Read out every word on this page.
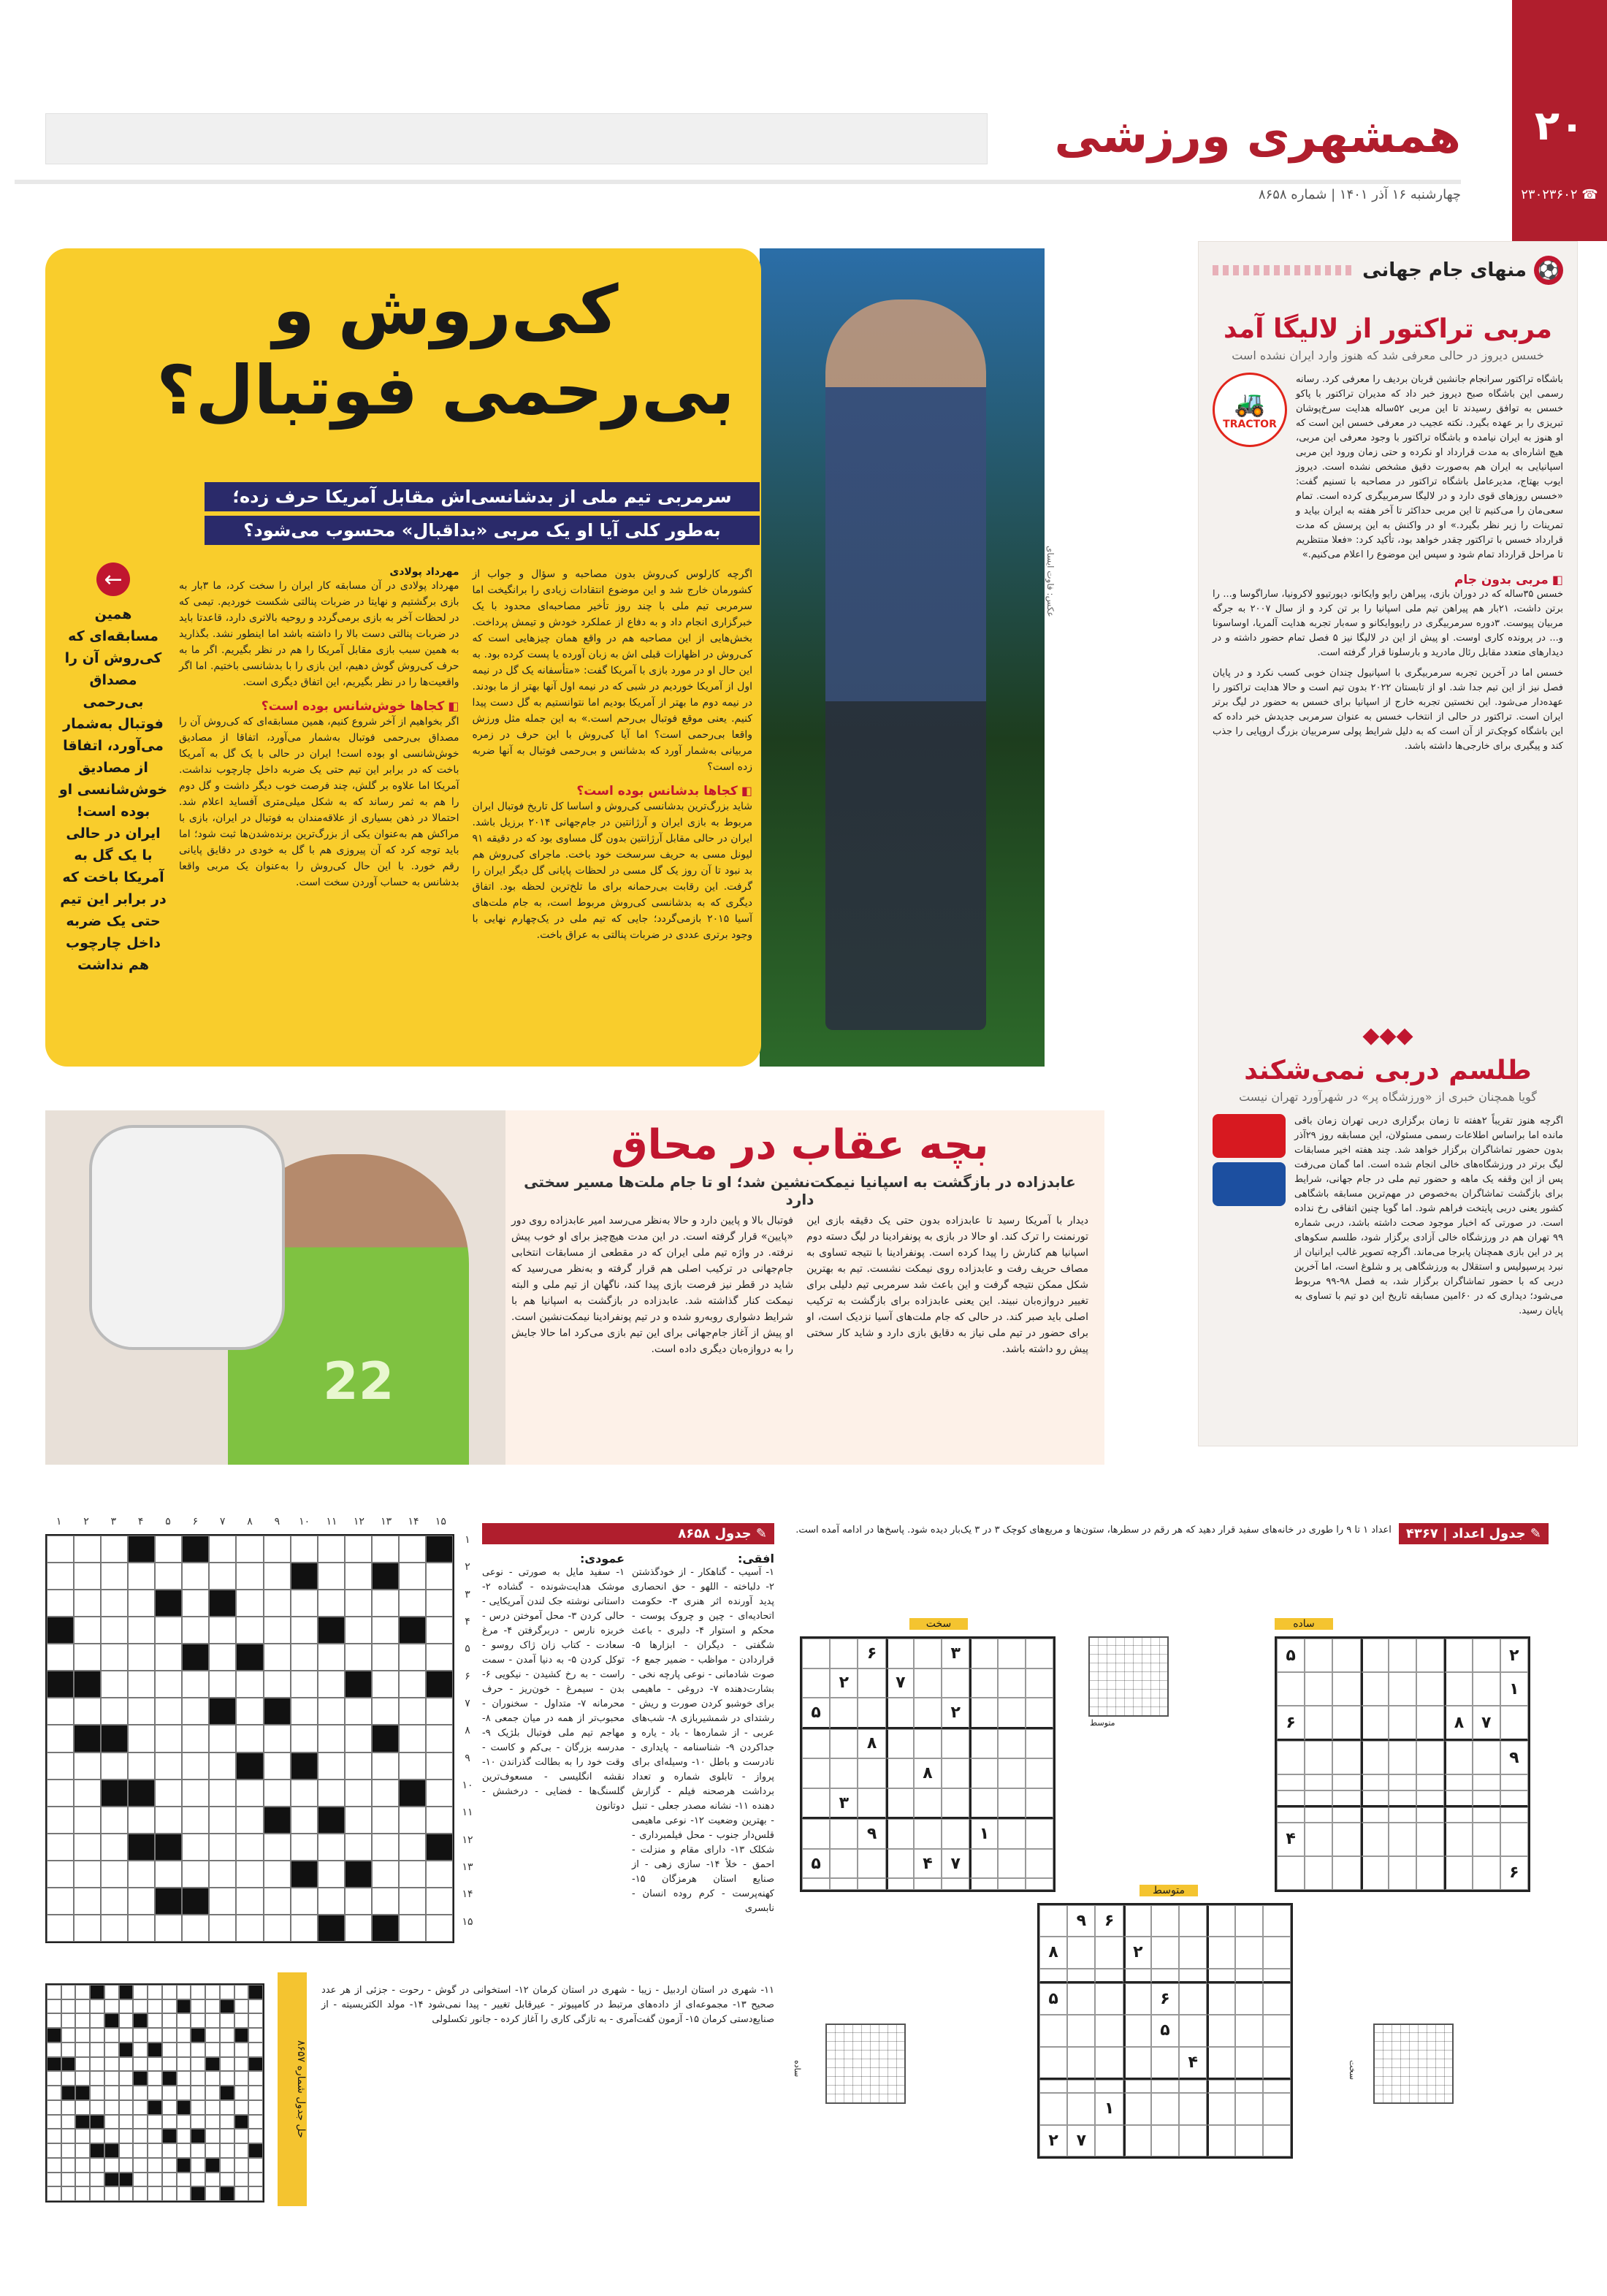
۲۰
همشهری ورزشی
چهارشنبه ۱۶ آذر ۱۴۰۱ | شماره ۸۶۵۸	☎ ۲۳۰۲۳۶۰۲
⚽
منهای جام جهانی
مربی تراکتور از لالیگا آمد
خسس دیروز در حالی معرفی شد که هنوز وارد ایران نشده است
باشگاه تراکتور سرانجام جانشین قربان بردیف را معرفی کرد. رسانه رسمی این باشگاه صبح دیروز خبر داد که مدیران تراکتور با پاکو خسس به توافق رسیدند تا این مربی ۵۲ساله هدایت سرخ‌پوشان تبریزی را بر عهده بگیرد. نکته عجیب در معرفی خسس این است که او هنوز به ایران نیامده و باشگاه تراکتور با وجود معرفی این مربی، هیچ اشاره‌ای به مدت قرارداد او نکرده و حتی زمان ورود این مربی اسپانیایی به ایران هم به‌صورت دقیق مشخص نشده است. دیروز ایوب بهتاج، مدیرعامل باشگاه تراکتور در مصاحبه با تسنیم گفت: «خسس روزهای قوی دارد و در لالیگا سرمربیگری کرده است. تمام سعی‌مان را می‌کنیم تا این مربی حداکثر تا آخر هفته به ایران بیاید و تمرینات را زیر نظر بگیرد.» او در واکنش به این پرسش که مدت قرارداد خسس با تراکتور چقدر خواهد بود، تأکید کرد: «فعلا منتظریم تا مراحل قرارداد تمام شود و سپس این موضوع را اعلام می‌کنیم.»
🚜
TRACTOR
◧ مربی بدون جام
خسس ۳۵ساله که در دوران بازی، پیراهن رایو وایکانو، دپورتیوو لاکرونیا، ساراگوسا و... را برتن داشت، ۲۱بار هم پیراهن تیم ملی اسپانیا را بر تن کرد و از سال ۲۰۰۷ به جرگه مربیان پیوست. ۳دوره سرمربیگری در رایووایکانو و سه‌بار تجربه هدایت آلمریا، اوساسونا و... در پرونده کاری اوست. او پیش از این در لالیگا نیز ۵ فصل تمام حضور داشته و در دیدارهای متعدد مقابل رئال مادرید و بارسلونا قرار گرفته است.
خسس اما در آخرین تجربه سرمربیگری با اسپانیول چندان خوبی کسب نکرد و در پایان فصل نیز از این تیم جدا شد. او از تابستان ۲۰۲۲ بدون تیم است و حالا هدایت تراکتور را عهده‌دار می‌شود. این نخستین تجربه خارج از اسپانیا برای خسس به حضور در لیگ برتر ایران است. تراکتور در حالی از انتخاب خسس به عنوان سرمربی جدیدش خبر داده که این باشگاه کوچک‌تر از آن است که به دلیل شرایط پولی سرمربیان بزرگ اروپایی را جذب کند و پیگیری برای خارجی‌ها داشته باشد.
◆◆◆
طلسم دربی نمی‌شکند
گویا همچنان خبری از «ورزشگاه پر» در شهرآورد تهران نیست
اگرچه هنوز تقریباً ۲هفته تا زمان برگزاری دربی تهران زمان باقی مانده اما براساس اطلاعات رسمی مسئولان، این مسابقه روز ۲۹آذر بدون حضور تماشاگران برگزار خواهد شد. چند هفته اخیر مسابقات لیگ برتر در ورزشگاه‌های خالی انجام شده است. اما گمان می‌رفت پس از این وقفه یک ماهه و حضور تیم ملی در جام جهانی، شرایط برای بازگشت تماشاگران به‌خصوص در مهم‌ترین مسابقه باشگاهی کشور یعنی دربی پایتخت فراهم شود. اما گویا چنین اتفاقی رخ نداده است. در صورتی که اخبار موجود صحت داشته باشد، دربی شماره ۹۹ تهران هم در ورزشگاه خالی آزادی برگزار شود، طلسم سکوهای پر در این بازی همچنان پابرجا می‌ماند. اگرچه تصویر غالب ایرانیان از نبرد پرسپولیس و استقلال به ورزشگاهی پر و شلوغ است، اما آخرین دربی که با حضور تماشاگران برگزار شد، به فصل ۹۸-۹۹ مربوط می‌شود؛ دیداری که در ۶۰امین مسابقه تاریخ این دو تیم با تساوی به پایان رسید.
عکس: فاوت ایسای
کی‌روش و
بی‌رحمی فوتبال؟
سرمربی تیم ملی از بدشانسی‌اش مقابل آمریکا حرف زده؛
به‌طور کلی آیا او یک مربی «بداقبال» محسوب می‌شود؟
←
همین مسابقه‌ای که کی‌روش آن را مصداق بی‌رحمی فوتبال به‌شمار می‌آورد، اتفاقا از مصادیق خوش‌شانسی او بوده است! ایران در حالی با یک گل به آمریکا باخت که در برابر این تیم حتی یک ضربه داخل چارچوب هم نداشت
اگرچه کارلوس کی‌روش بدون مصاحبه و سؤال و جواب از کشورمان خارج شد و این موضوع انتقادات زیادی را برانگیخت اما سرمربی تیم ملی با چند روز تأخیر مصاحبه‌ای محدود با یک خبرگزاری انجام داد و به دفاع از عملکرد خودش و تیمش پرداخت. بخش‌هایی از این مصاحبه هم در واقع همان چیزهایی است که کی‌روش در اظهارات قبلی اش به زبان آورده یا پست کرده بود. به این حال او در مورد بازی با آمریکا گفت: «متأسفانه یک گل در نیمه اول از آمریکا خوردیم در شبی که در نیمه اول آنها بهتر از ما بودند. در نیمه دوم ما بهتر از آمریکا بودیم اما نتوانستیم به گل دست پیدا کنیم. یعنی موقع فوتبال بی‌رحم است.» به این جمله مثل ورزش واقعا بی‌رحمی است؟ اما آیا کی‌روش با این حرف در زمره مربیانی به‌شمار آورد که بدشانس و بی‌رحمی فوتبال به آنها ضربه زده است؟
◧ کجاها بدشانس بوده است؟
شاید بزرگ‌ترین بدشانسی کی‌روش و اساسا کل تاریخ فوتبال ایران مربوط به بازی ایران و آرژانتین در جام‌جهانی ۲۰۱۴ برزیل باشد. ایران در حالی مقابل آرژانتین بدون گل مساوی بود که در دقیقه ۹۱ لیونل مسی به حریف سرسخت خود باخت. ماجرای کی‌روش هم بد نبود تا آن روز یک گل مسی در لحظات پایانی گل دیگر ایران را گرفت. این رقابت بی‌رحمانه برای ما تلخ‌ترین لحظه بود. اتفاق دیگری که به بدشانسی کی‌روش مربوط است، به جام ملت‌های آسیا ۲۰۱۵ بازمی‌گردد؛ جایی که تیم ملی در یک‌چهارم نهایی با وجود برتری عددی در ضربات پنالتی به عراق باخت.
مهرداد پولادی
مهرداد پولادی در آن مسابقه کار ایران را سخت کرد، ما ۳بار به بازی برگشتیم و نهایتا در ضربات پنالتی شکست خوردیم. تیمی که در لحظات آخر به بازی برمی‌گردد و روحیه بالاتری دارد، قاعدتا باید در ضربات پنالتی دست بالا را داشته باشد اما اینطور نشد. بگذارید به همین سبب بازی مقابل آمریکا را هم در نظر بگیریم. اگر ما به حرف کی‌روش گوش دهیم، این بازی را با بدشانسی باختیم. اما اگر واقعیت‌ها را در نظر بگیریم، این اتفاق دیگری است.
◧ کجاها خوش‌شانس بوده است؟
اگر بخواهیم از آخر شروع کنیم، همین مسابقه‌ای که کی‌روش آن را مصداق بی‌رحمی فوتبال به‌شمار می‌آورد، اتفاقا از مصادیق خوش‌شانسی او بوده است! ایران در حالی با یک گل به آمریکا باخت که در برابر این تیم حتی یک ضربه داخل چارچوب نداشت. آمریکا اما علاوه بر گلش، چند فرصت خوب دیگر داشت و گل دوم را هم به ثمر رساند که به شکل میلی‌متری آفساید اعلام شد. احتمالا در ذهن بسیاری از علاقه‌مندان به فوتبال در ایران، بازی با مراکش هم به‌عنوان یکی از بزرگ‌ترین برنده‌شدن‌ها ثبت شود؛ اما باید توجه کرد که آن پیروزی هم با گل به خودی در دقایق پایانی رقم خورد. با این حال کی‌روش را به‌عنوان یک مربی واقعا بدشانس به حساب آوردن سخت است.
22
بچه عقاب در محاق
عابدزاده در بازگشت به اسپانیا نیمکت‌نشین شد؛ او تا جام ملت‌ها مسیر سختی دارد
دیدار با آمریکا رسید تا عابدزاده بدون حتی یک دقیقه بازی این تورنمنت را ترک کند. او حالا در بازی به پونفرادینا در لیگ دسته دوم اسپانیا هم کنارش را پیدا کرده است. پونفرادینا با نتیجه تساوی به مصاف حریف رفت و عابدزاده روی نیمکت نشست. تیم به بهترین شکل ممکن نتیجه گرفت و این باعث شد سرمربی تیم دلیلی برای تغییر دروازه‌بان نبیند. این یعنی عابدزاده برای بازگشت به ترکیب اصلی باید صبر کند. در حالی که جام ملت‌های آسیا نزدیک است، او برای حضور در تیم ملی نیاز به دقایق بازی دارد و شاید کار سختی پیش رو داشته باشد.
فوتبال بالا و پایین دارد و حالا به‌نظر می‌رسد امیر عابدزاده روی دور «پایین» قرار گرفته است. در این مدت هیچ‌چیز برای او خوب پیش نرفته. در واژه تیم ملی ایران که در مقطعی از مسابقات انتخابی جام‌جهانی در ترکیب اصلی هم قرار گرفته و به‌نظر می‌رسید که شاید در قطر نیز فرصت بازی پیدا کند، ناگهان از تیم ملی و البته نیمکت کنار گذاشته شد. عابدزاده در بازگشت به اسپانیا هم با شرایط دشواری روبه‌رو شده و در تیم پونفرادینا نیمکت‌نشین است. او پیش از آغاز جام‌جهانی برای این تیم بازی می‌کرد اما حالا جایش را به دروازه‌بان دیگری داده است.
۱۵
۱۴
۱۳
۱۲
۱۱
۱۰
۹
۸
۷
۶
۵
۴
۳
۲
۱
۱
۲
۳
۴
۵
۶
۷
۸
۹
۱۰
۱۱
۱۲
۱۳
۱۴
۱۵
✎ جدول ۸۶۵۸
افقی:
۱- آسیب - گناهکار - از خودگذشتن ۲- دلباخته - اللهو - حق انحصاری پدید آورنده اثر هنری ۳- حکومت اتحادیه‌ای - چین و چروک پوست - محکم و استوار ۴- دلبری - باعث شگفتی - دیگران - ابزارها ۵- قراردادن - مواظب - ضمیر جمع ۶- صوت شادمانی - نوعی پارچه نخی - بشارت‌دهنده ۷- دروغی - ماهیمی برای خوشبو کردن صورت و ریش - رشتدای در شمشیربازی ۸- شب‌های عربی - از شماره‌ها - باد - یاره و جداکردن ۹- شناسنامه - پایداری - نادرست و باطل ۱۰- وسیله‌ای برای پرواز - تابلوی شماره و تعداد برداشت هرصحنه فیلم - گزارش دهنده ۱۱- نشانه مصدر جعلی - تنبل - بهترین وضعیت ۱۲- نوعی ماهیمی قلس‌دار جنوب - محل فیلمبرداری - شکلک ۱۳- دارای مقام و منزلت - احمق - خلأ ۱۴- سازی زهی - از صنایع استان هرمزگان ۱۵- کهنه‌پرست - کرم روده انسان - نابسری
عمودی:
۱- سفید مایل به صورتی - نوعی موشک هدایت‌شونده - گشاده ۲- داستانی نوشته جک لندن آمریکایی - حالی کردن ۳- محل آموختن درس - خربزه نارس - دربرگرفتن ۴- مرغ سعادت - کتاب زان ژاک روسو - توکل کردن ۵- به دنیا آمدن - سمت راست - به رخ کشیدن - نیکویی ۶- بدن - سیمرغ - خون‌ریز - حرف محرمانه ۷- متداول - سخنوران - محبوب‌تر از همه در میان جمعی ۸- مهاجم تیم ملی فوتبال بلژیک ۹- مدرسه بزرگان - بی‌کم و کاست - وقت خود را به بطالت گذراندن ۱۰- نقشه انگلیسی - مسعوف‌ترین گلسنگ‌ها - فضایی - درخشش - دوتانون
حل جدول شماره ۸۶۵۷
۱۱- شهری در استان اردبیل - زیبا - شهری در استان کرمان ۱۲- استخوانی در گوش - رحوت - جزئی از هر عدد صحیح ۱۳- مجموعه‌ای از داده‌های مرتبط در کامپیوتر - عیرقابل تغییر - پیدا نمی‌شود ۱۴- مولد الکتریسیته - از صنایع‌دستی کرمان ۱۵- آزمون گفت‌آمری - به تازگی کاری را آغاز کرده - جانور تکسلولی
✎ جدول اعداد | ۴۳۶۷
اعداد ۱ تا ۹ را طوری در خانه‌های سفید قرار دهید که هر رقم در سطرها، ستون‌ها و مربع‌های کوچک ۳ در ۳ یک‌بار دیده شود. پاسخ‌ها در ادامه آمده است.
ساده
۲
۵
۱
۷
۸
۶
۹
۴
۶
سخت
۳
۶
۷
۲
۲
۵
۸
۸
۳
۱
۹
۷
۴
۵
متوسط
۶
۹
۲
۸
۶
۵
۵
۴
۱
۷
۲
متوسط
ساده	سخت
